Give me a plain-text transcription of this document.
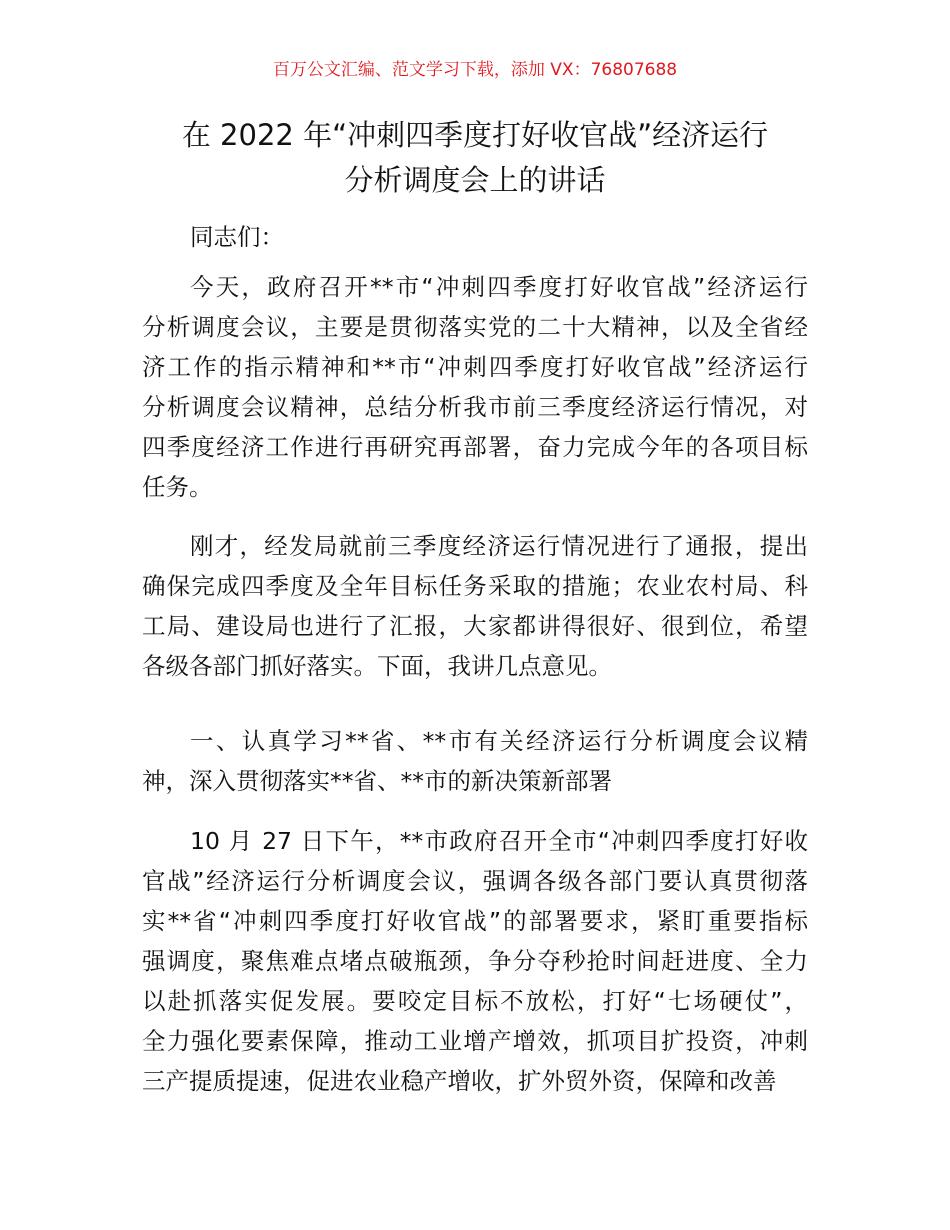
百万公文汇编、范文学习下载，添加 VX：76807688
在 2022 年“冲刺四季度打好收官战”经济运行
分析调度会上的讲话
同志们：
今天，政府召开**市“冲刺四季度打好收官战”经济运行
分析调度会议，主要是贯彻落实党的二十大精神，以及全省经
济工作的指示精神和**市“冲刺四季度打好收官战”经济运行
分析调度会议精神，总结分析我市前三季度经济运行情况，对
四季度经济工作进行再研究再部署，奋力完成今年的各项目标
任务。
刚才，经发局就前三季度经济运行情况进行了通报，提出
确保完成四季度及全年目标任务采取的措施；农业农村局、科
工局、建设局也进行了汇报，大家都讲得很好、很到位，希望
各级各部门抓好落实。下面，我讲几点意见。
一、认真学习**省、**市有关经济运行分析调度会议精
神，深入贯彻落实**省、**市的新决策新部署
10 月 27 日下午，**市政府召开全市“冲刺四季度打好收
官战”经济运行分析调度会议，强调各级各部门要认真贯彻落
实**省“冲刺四季度打好收官战”的部署要求，紧盯重要指标
强调度，聚焦难点堵点破瓶颈，争分夺秒抢时间赶进度、全力
以赴抓落实促发展。要咬定目标不放松，打好“七场硬仗”，
全力强化要素保障，推动工业增产增效，抓项目扩投资，冲刺
三产提质提速，促进农业稳产增收，扩外贸外资，保障和改善
